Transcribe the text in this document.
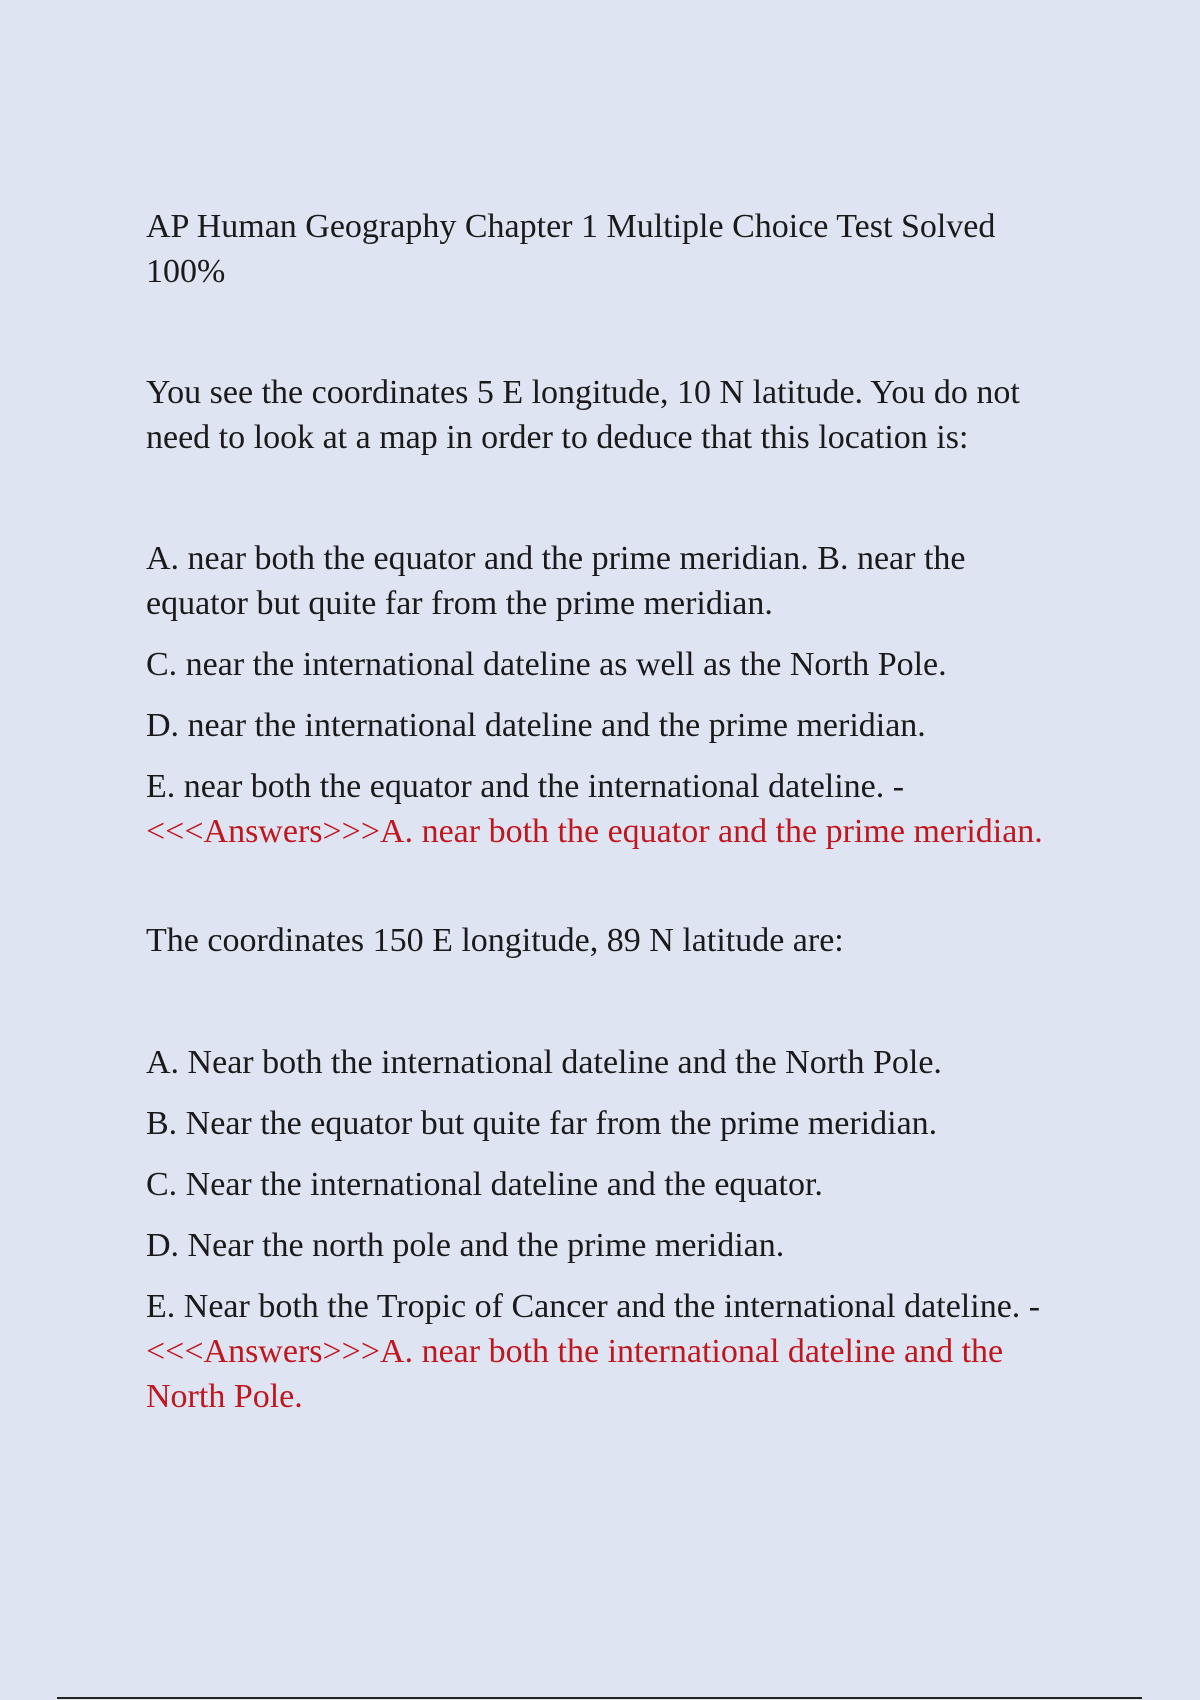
AP Human Geography Chapter 1 Multiple Choice Test Solved 100%

You see the coordinates 5 E longitude, 10 N latitude. You do not need to look at a map in order to deduce that this location is:

A. near both the equator and the prime meridian. B. near the equator but quite far from the prime meridian.

C. near the international dateline as well as the North Pole.

D. near the international dateline and the prime meridian.

E. near both the equator and the international dateline. - <<<Answers>>>A. near both the equator and the prime meridian.

The coordinates 150 E longitude, 89 N latitude are:

A. Near both the international dateline and the North Pole.

B. Near the equator but quite far from the prime meridian.

C. Near the international dateline and the equator.

D. Near the north pole and the prime meridian.

E. Near both the Tropic of Cancer and the international dateline. - <<<Answers>>>A. near both the international dateline and the North Pole.
